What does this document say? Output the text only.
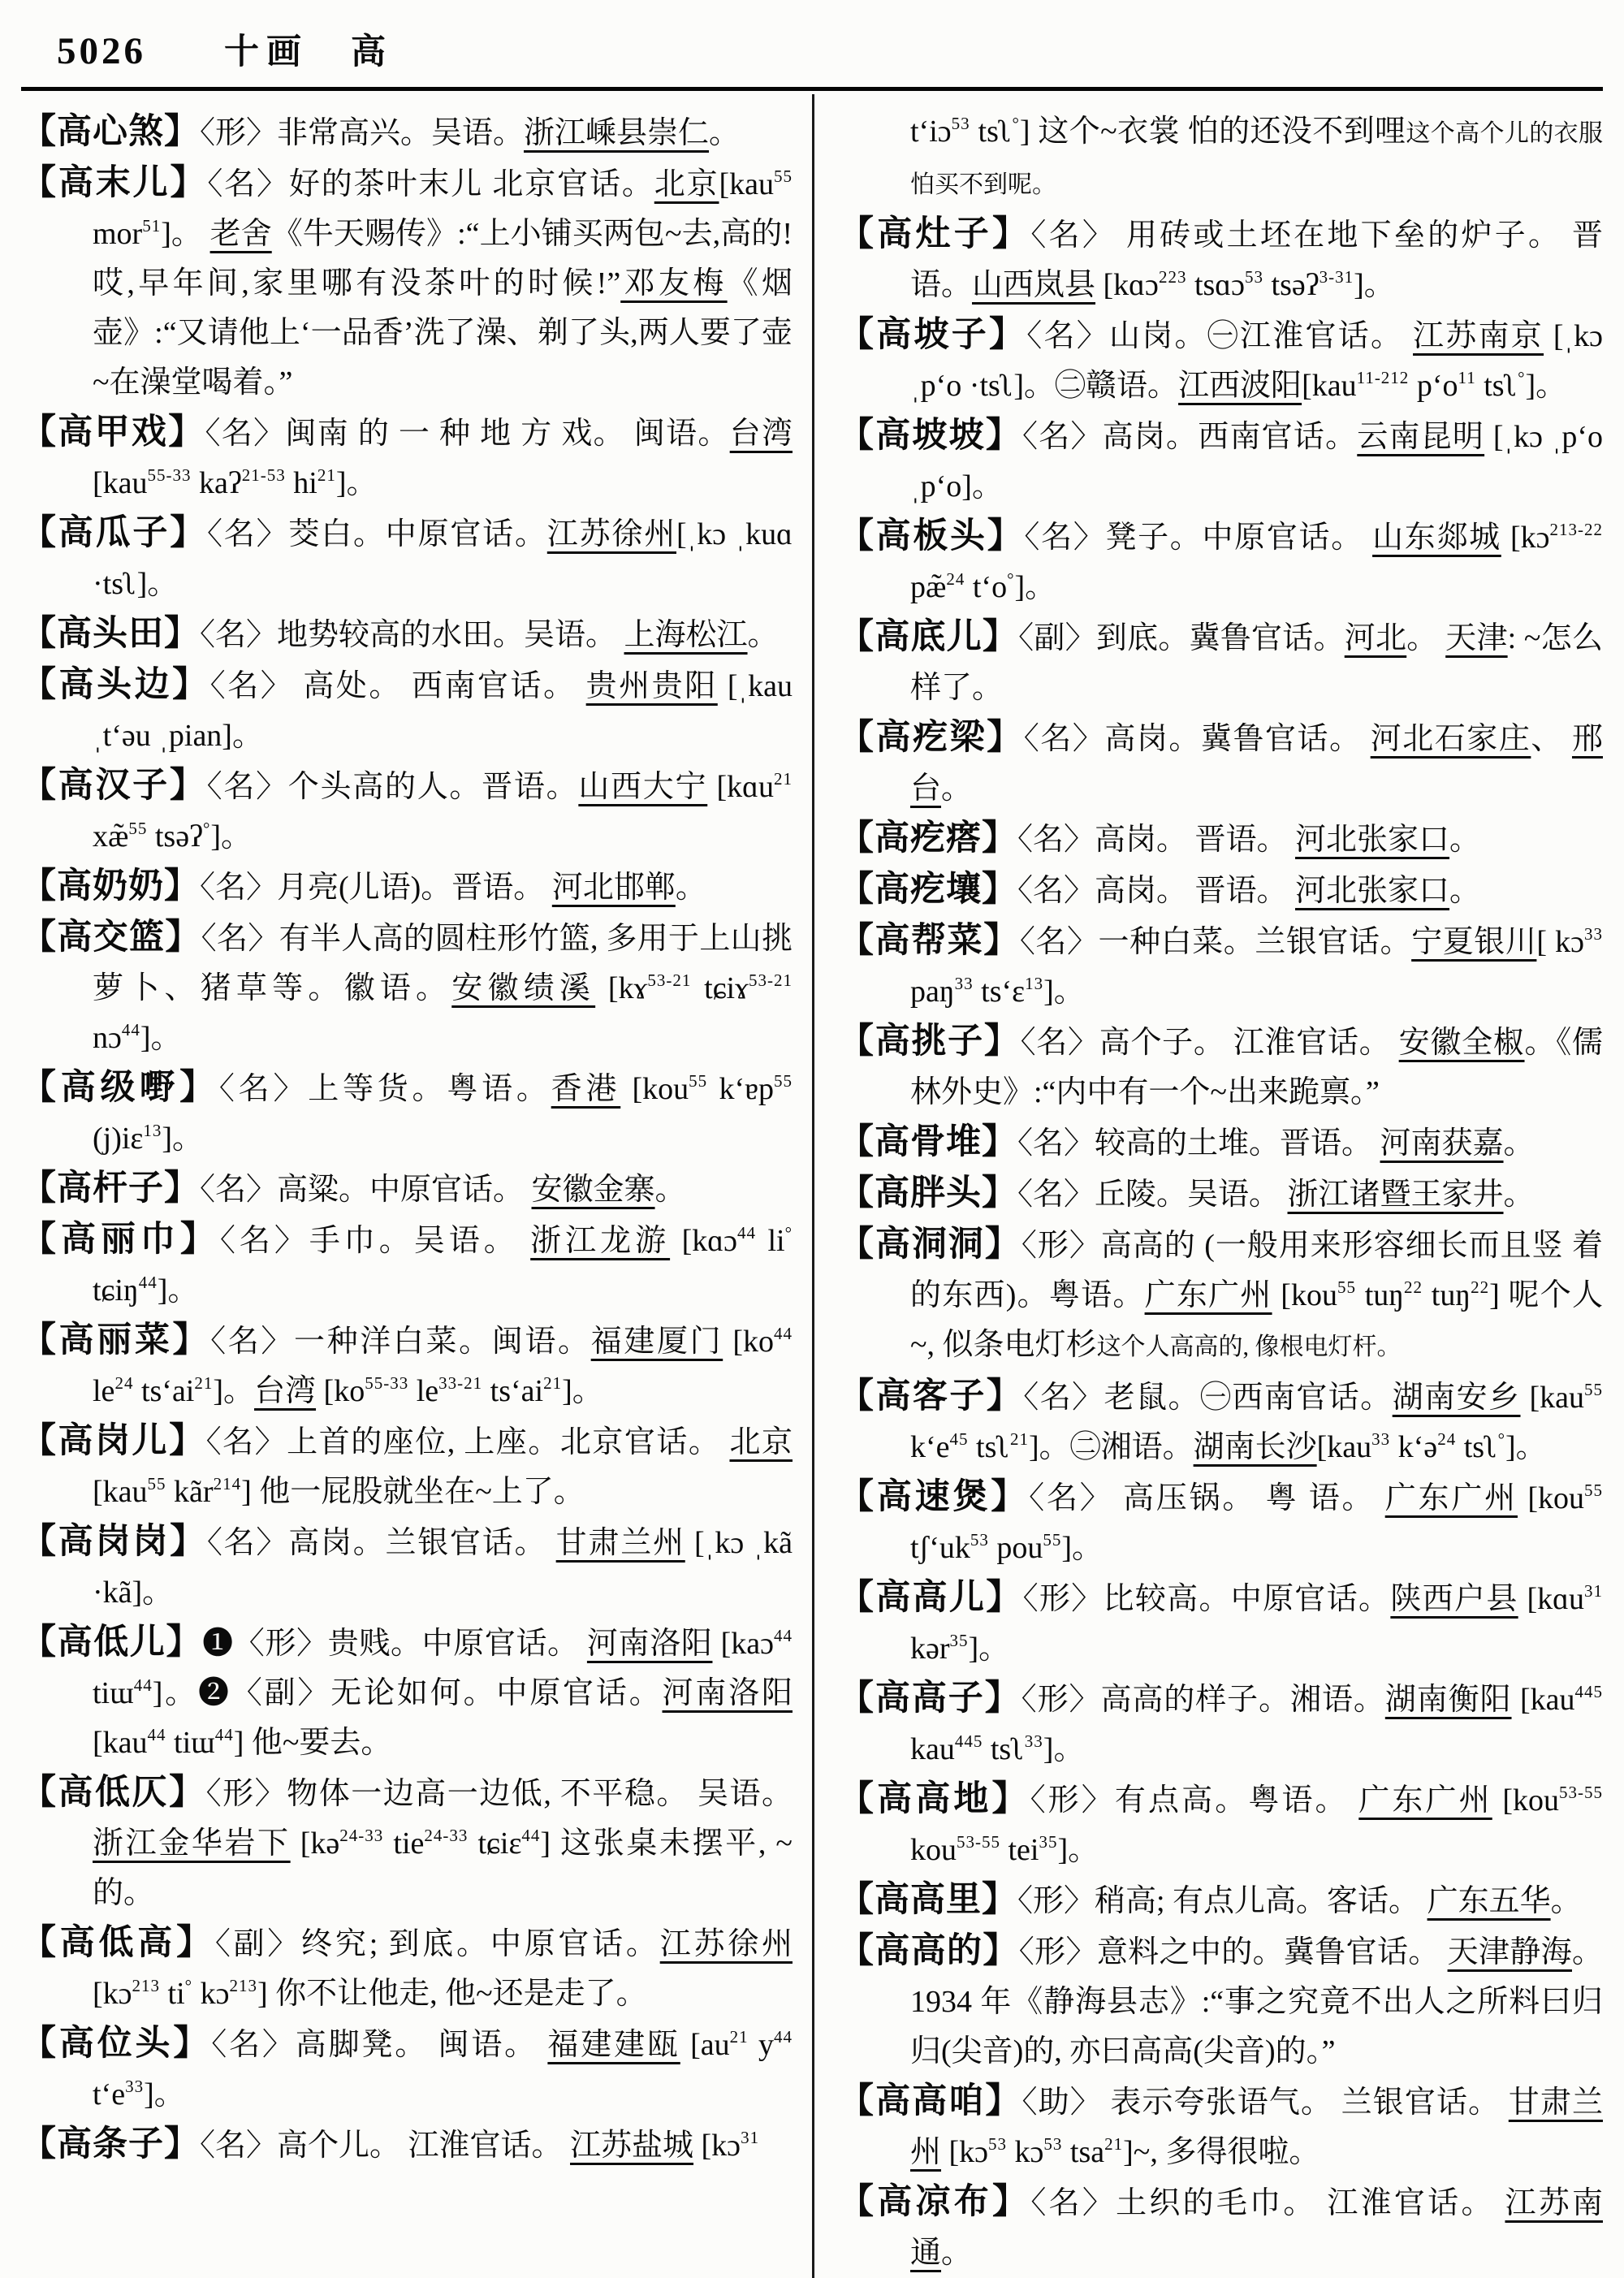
5026 十画　高
【高心煞】〈形〉非常高兴。吴语。浙江嵊县崇仁。
【高末儿】〈名〉好的茶叶末儿 北京官话。北京[kau$^{55}$ mor$^{51}$]。 老舍《牛天赐传》:“上小铺买两包~去,高的! 哎,早年间,家里哪有没茶叶的时候!”邓友梅《烟壶》:“又请他上‘一品香’洗了澡、剃了头,两人要了壶~在澡堂喝着。”
【高甲戏】〈名〉闽南 的 一 种 地 方 戏。 闽语。台湾 [kau$^{55-33}$ kaʔ$^{21-53}$ $hi^{21}$]。
【高瓜子】〈名〉茭白。中原官话。江苏徐州[ˌkɔ ˌkuɑ ·tsʅ]。
【高头田】〈名〉地势较高的水田。吴语。 上海松江。
【高头边】〈名〉 高处。 西南官话。 贵州贵阳 [ˌkau ˌt‘əu ˌpian]。
【高汉子】〈名〉个头高的人。晋语。山西大宁 [kɑu$^{21}$ xæ̃$^{55}$ tsəʔ°]。
【高奶奶】〈名〉月亮(儿语)。晋语。 河北邯郸。
【高交篮】〈名〉有半人高的圆柱形竹篮, 多用于上山挑萝卜、猪草等。徽语。安徽绩溪 [kɤ$^{53-21}$ tɕiɤ$^{53-21}$ nɔ$^{44}$]。
【高级嘢】〈名〉上等货。粤语。香港 [kou$^{55}$ k‘ɐp$^{55}$ (j)iɛ$^{13}$]。
【高杆子】〈名〉高粱。中原官话。 安徽金寨。
【高丽巾】〈名〉手巾。吴语。 浙江龙游 [kɑɔ$^{44}$ li° tɕiŋ$^{44}$]。
【高丽菜】〈名〉一种洋白菜。闽语。福建厦门 [$ko^{44}$ $le^{24}$ $ts‘ai^{21}$]。台湾 [$ko^{55-33}$ $le^{33-21}$ $ts‘ai^{21}$]。
【高岗儿】〈名〉上首的座位, 上座。北京官话。 北京 [kau$^{55}$ kãr$^{214}$] 他一屁股就坐在~上了。
【高岗岗】〈名〉高岗。兰银官话。 甘肃兰州 [ˌkɔ ˌkã ·kã]。
【高低儿】❶〈形〉贵贱。中原官话。 河南洛阳 [kaɔ$^{44}$ tiɯ$^{44}$]。❷〈副〉无论如何。中原官话。河南洛阳 [kau$^{44}$ tiɯ$^{44}$] 他~要去。
【高低仄】〈形〉物体一边高一边低, 不平稳。 吴语。浙江金华岩下 [kə$^{24-33}$ tie$^{24-33}$ tɕiɛ$^{44}$] 这张桌未摆平, ~的。
【高低高】〈副〉终究; 到底。中原官话。江苏徐州[kɔ$^{213}$ ti° kɔ$^{213}$] 你不让他走, 他~还是走了。
【高位头】〈名〉高脚凳。 闽语。 福建建瓯 [$au^{21}$ $y^{44}$ $t‘e^{33}$]。
【高条子】〈名〉高个儿。 江淮官话。 江苏盐城 [kɔ$^{31}$
t‘iɔ$^{53}$ tsʅ°] 这个~衣裳 怕的还没不到哩这个高个儿的衣服怕买不到呢。
【高灶子】〈名〉 用砖或土坯在地下垒的炉子。 晋语。山西岚县 [kɑɔ$^{223}$ tsɑɔ$^{53}$ tsəʔ$^{3-31}$]。
【高坡子】〈名〉山岗。㊀江淮官话。 江苏南京 [ˌkɔ ˌp‘o ·tsʅ]。㊁赣语。江西波阳[kau$^{11-212}$ $p‘o^{11}$ tsʅ°]。
【高坡坡】〈名〉高岗。西南官话。云南昆明 [ˌkɔ ˌp‘o ˌp‘o]。
【高板头】〈名〉凳子。中原官话。 山东郯城 [kɔ$^{213-22}$ pæ̃$^{24}$ t‘o°]。
【高底儿】〈副〉到底。冀鲁官话。河北。 天津: ~怎么样了。
【高疙梁】〈名〉高岗。冀鲁官话。 河北石家庄、 邢台。
【高疙瘩】〈名〉高岗。 晋语。 河北张家口。
【高疙壤】〈名〉高岗。 晋语。 河北张家口。
【高帮菜】〈名〉一种白菜。兰银官话。宁夏银川[ kɔ$^{33}$ paŋ$^{33}$ ts‘ɛ$^{13}$]。
【高挑子】〈名〉高个子。 江淮官话。 安徽全椒。《儒林外史》:“内中有一个~出来跪禀。”
【高骨堆】〈名〉较高的土堆。晋语。 河南获嘉。
【高胖头】〈名〉丘陵。吴语。 浙江诸暨王家井。
【高洞洞】〈形〉高高的 (一般用来形容细长而且竖 着的东西)。粤语。广东广州 [kou$^{55}$ tuŋ$^{22}$ tuŋ$^{22}$] 呢个人~, 似条电灯杉这个人高高的, 像根电灯杆。
【高客子】〈名〉老鼠。㊀西南官话。湖南安乡 [kau$^{55}$ $k‘e^{45}$ tsʅ$^{21}$]。㊁湘语。湖南长沙[kau$^{33}$ k‘ə$^{24}$ tsʅ°]。
【高速煲】〈名〉 高压锅。 粤 语。 广东广州 [kou$^{55}$ $tʃ‘uk^{53}$ pou$^{55}$]。
【高高儿】〈形〉比较高。中原官话。陕西户县 [kɑu$^{31}$ kər$^{35}$]。
【高高子】〈形〉高高的样子。湘语。湖南衡阳 [kau$^{445}$ kau$^{445}$ tsʅ$^{33}$]。
【高高地】〈形〉有点高。粤语。 广东广州 [kou$^{53-55}$ kou$^{53-55}$ tei$^{35}$]。
【高高里】〈形〉稍高; 有点儿高。客话。 广东五华。
【高高的】〈形〉意料之中的。冀鲁官话。 天津静海。1934 年《静海县志》:“事之究竟不出人之所料曰归归(尖音)的, 亦曰高高(尖音)的。”
【高高咱】〈助〉 表示夸张语气。 兰银官话。 甘肃兰州 [kɔ$^{53}$ kɔ$^{53}$ tsa$^{21}$]~, 多得很啦。
【高凉布】〈名〉土织的毛巾。 江淮官话。 江苏南通。
